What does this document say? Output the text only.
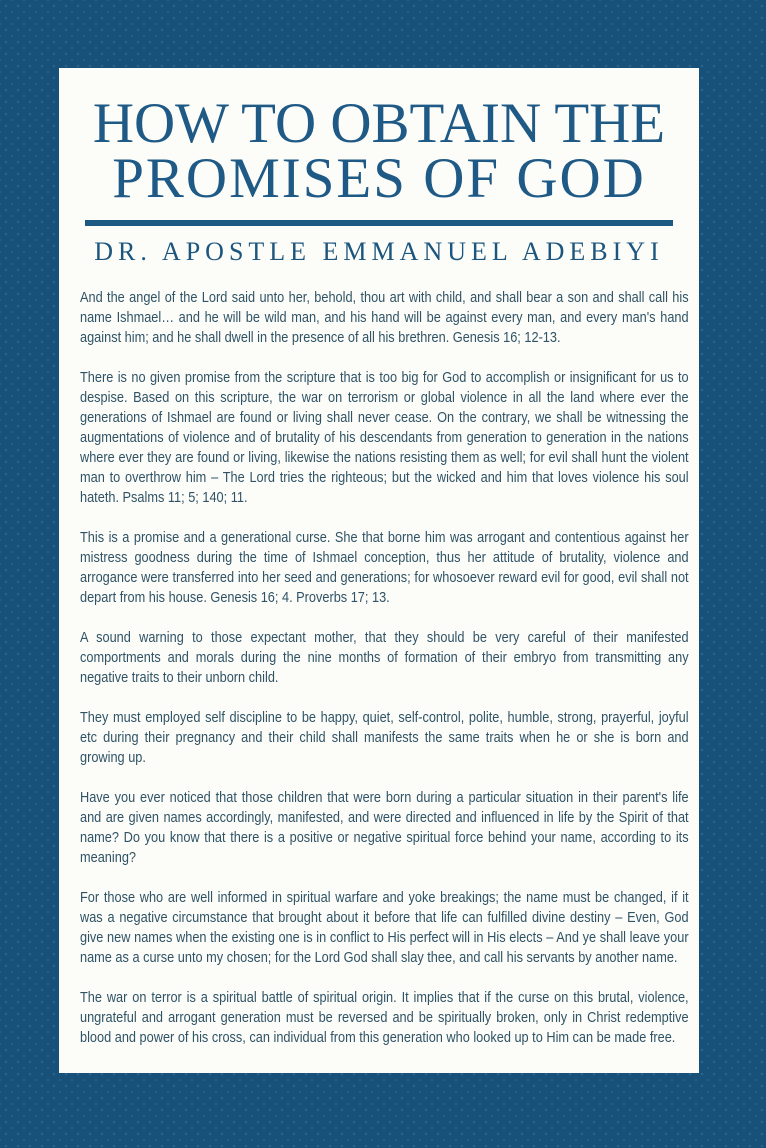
HOW TO OBTAIN THE
PROMISES OF GOD
DR. APOSTLE EMMANUEL ADEBIYI

And the angel of the Lord said unto her, behold, thou art with child, and shall bear a son and shall call his name Ishmael… and he will be wild man, and his hand will be against every man, and every man's hand against him; and he shall dwell in the presence of all his brethren. Genesis 16; 12-13.

There is no given promise from the scripture that is too big for God to accomplish or insignificant for us to despise. Based on this scripture, the war on terrorism or global violence in all the land where ever the generations of Ishmael are found or living shall never cease. On the contrary, we shall be witnessing the augmentations of violence and of brutality of his descendants from generation to generation in the nations where ever they are found or living, likewise the nations resisting them as well; for evil shall hunt the violent man to overthrow him – The Lord tries the righteous; but the wicked and him that loves violence his soul hateth. Psalms 11; 5; 140; 11.

This is a promise and a generational curse. She that borne him was arrogant and contentious against her mistress goodness during the time of Ishmael conception, thus her attitude of brutality, violence and arrogance were transferred into her seed and generations; for whosoever reward evil for good, evil shall not depart from his house. Genesis 16; 4. Proverbs 17; 13.

A sound warning to those expectant mother, that they should be very careful of their manifested comportments and morals during the nine months of formation of their embryo from transmitting any negative traits to their unborn child.

They must employed self discipline to be happy, quiet, self-control, polite, humble, strong, prayerful, joyful etc during their pregnancy and their child shall manifests the same traits when he or she is born and growing up.

Have you ever noticed that those children that were born during a particular situation in their parent's life and are given names accordingly, manifested, and were directed and influenced in life by the Spirit of that name? Do you know that there is a positive or negative spiritual force behind your name, according to its meaning?

For those who are well informed in spiritual warfare and yoke breakings; the name must be changed, if it was a negative circumstance that brought about it before that life can fulfilled divine destiny – Even, God give new names when the existing one is in conflict to His perfect will in His elects – And ye shall leave your name as a curse unto my chosen; for the Lord God shall slay thee, and call his servants by another name.

The war on terror is a spiritual battle of spiritual origin. It implies that if the curse on this brutal, violence, ungrateful and arrogant generation must be reversed and be spiritually broken, only in Christ redemptive blood and power of his cross, can individual from this generation who looked up to Him can be made free.
